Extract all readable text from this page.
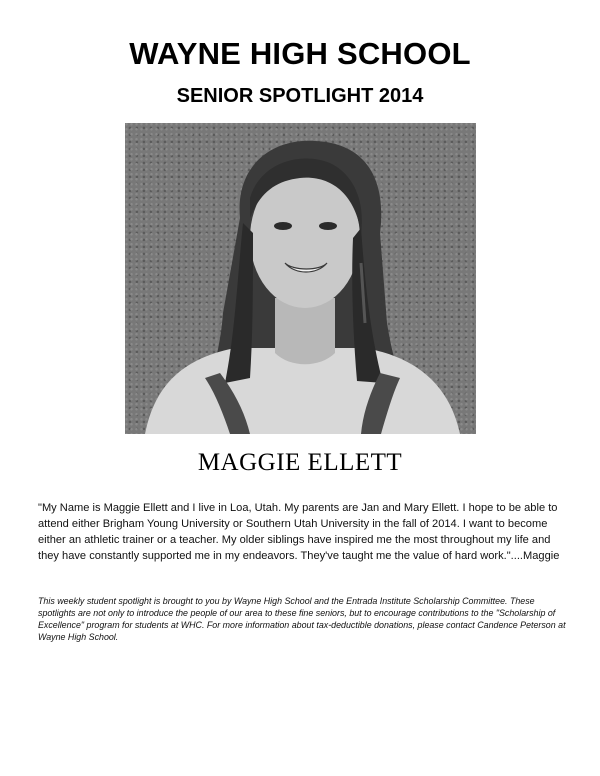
WAYNE HIGH SCHOOL
SENIOR SPOTLIGHT 2014
MAGGIE ELLETT
"My Name is Maggie Ellett and I live in Loa, Utah. My parents are Jan and Mary Ellett. I hope to be able to attend either Brigham Young University or Southern Utah University in the fall of 2014. I want to become either an athletic trainer or a teacher. My older siblings have inspired me the most throughout my life and they have constantly supported me in my endeavors. They've taught me the value of hard work."....Maggie
This weekly student spotlight is brought to you by Wayne High School and the Entrada Institute Scholarship Committee. These spotlights are not only to introduce the people of our area to these fine seniors, but to encourage contributions to the "Scholarship of Excellence" program for students at WHC. For more information about tax-deductible donations, please contact Candence Peterson at Wayne High School.
